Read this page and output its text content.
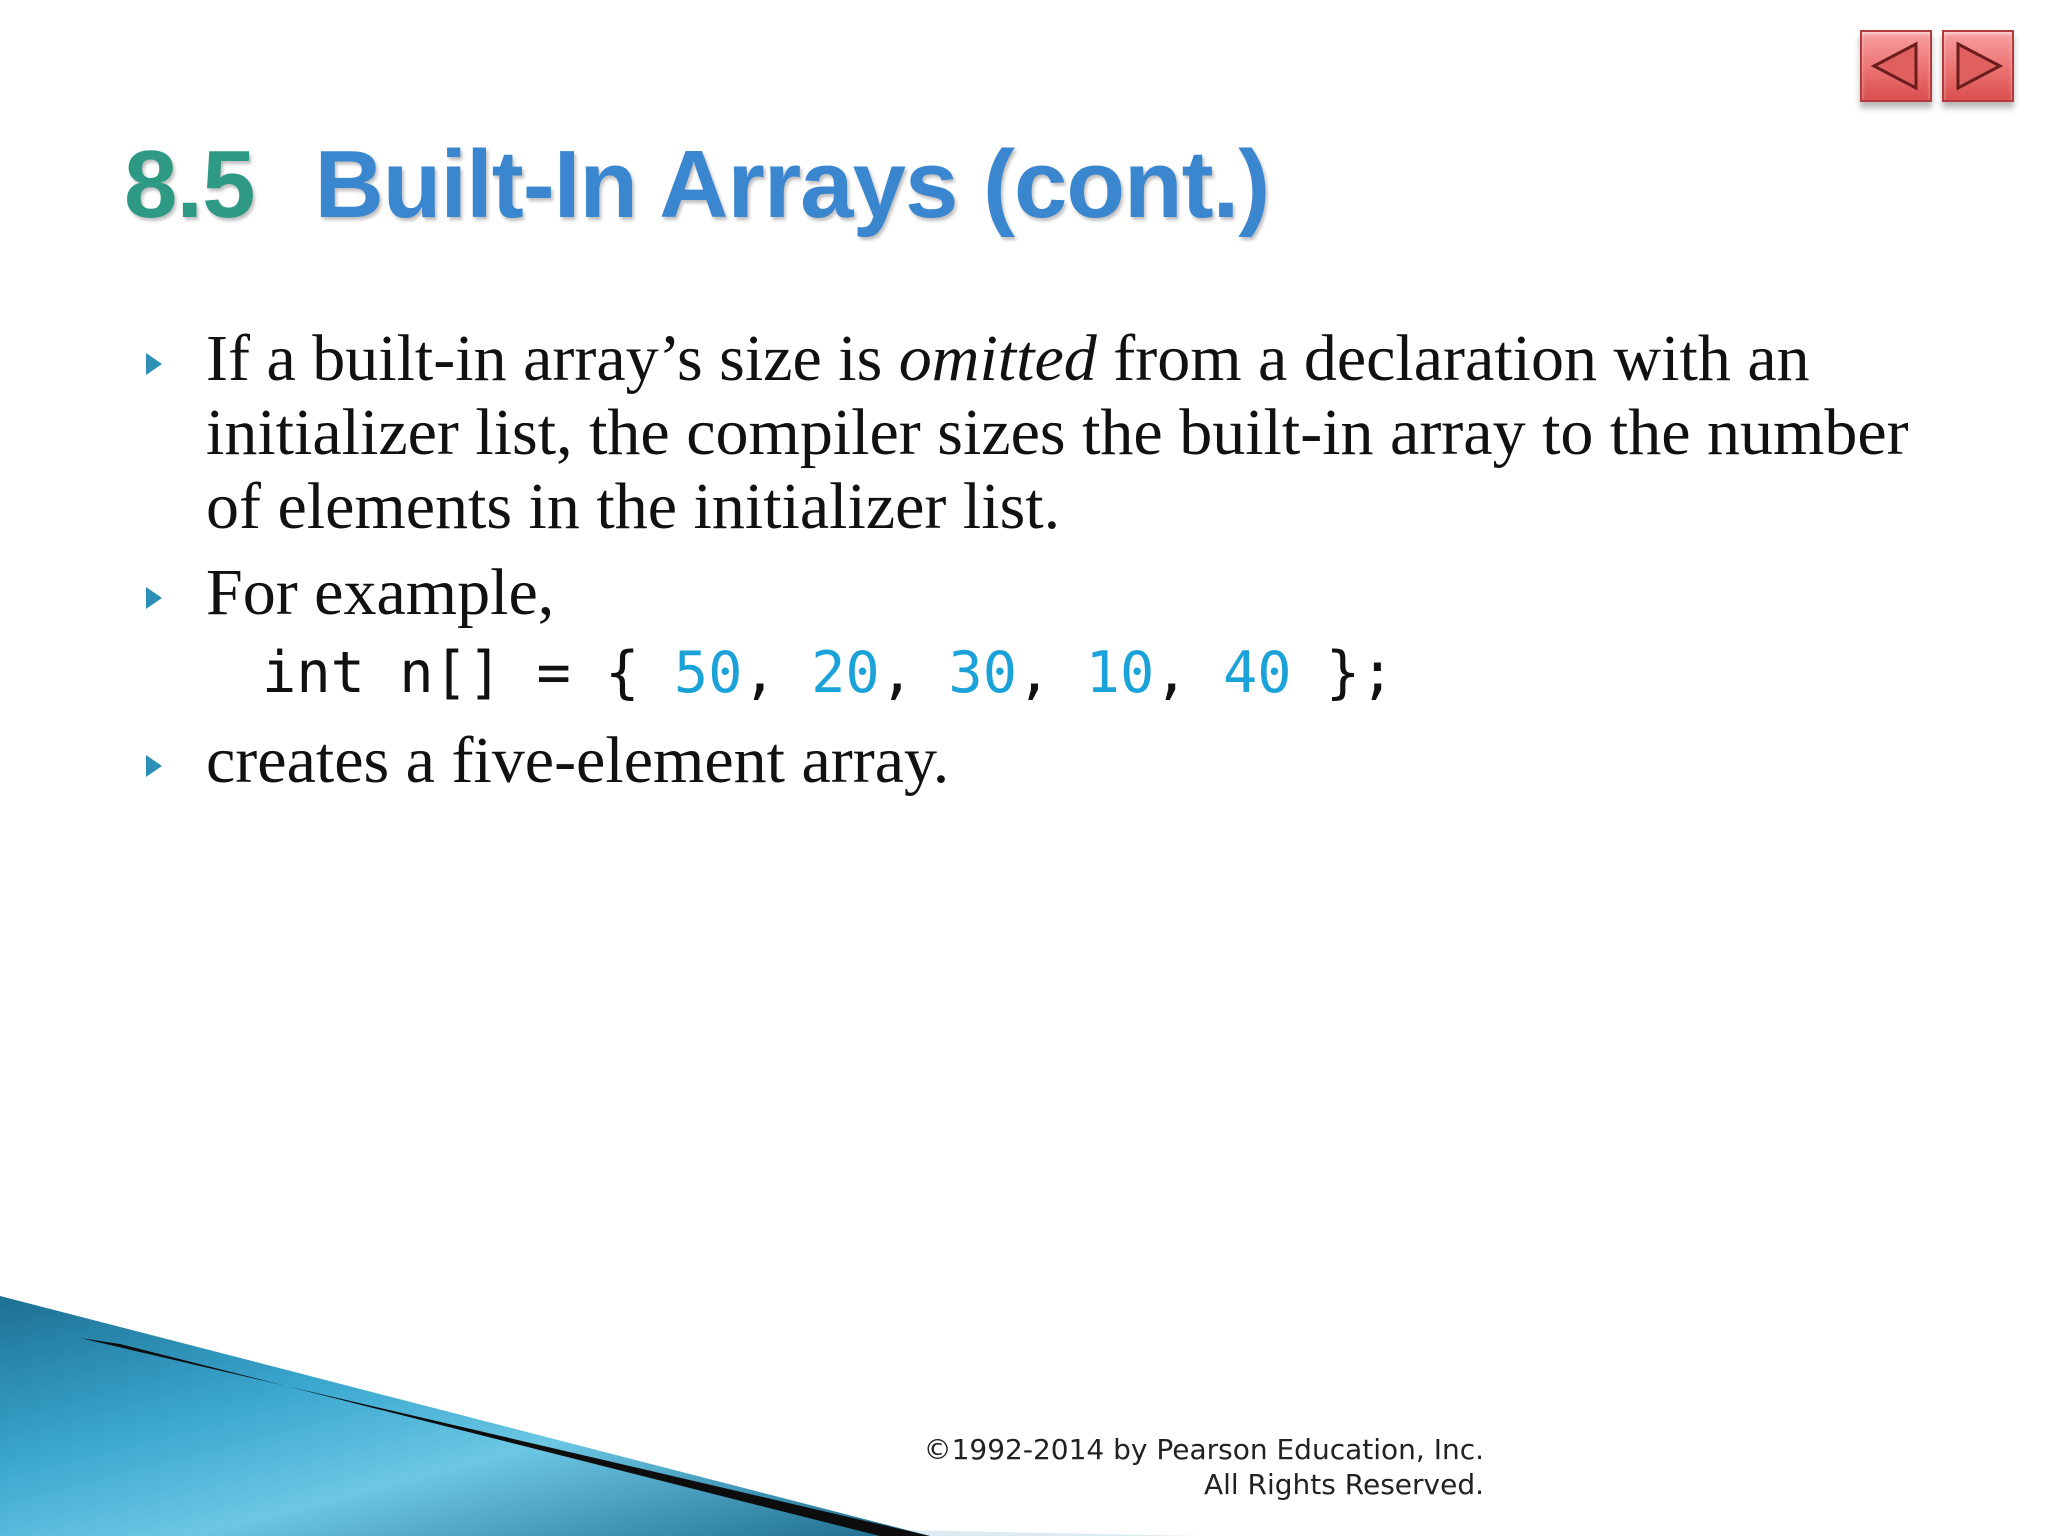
8.5 Built-In Arrays (cont.)
If a built-in array’s size is omitted from a declaration with an initializer list, the compiler sizes the built-in array to the number of elements in the initializer list.
For example,
int n[] = { 50, 20, 30, 10, 40 };
creates a five-element array.
©1992-2014 by Pearson Education, Inc.
All Rights Reserved.
